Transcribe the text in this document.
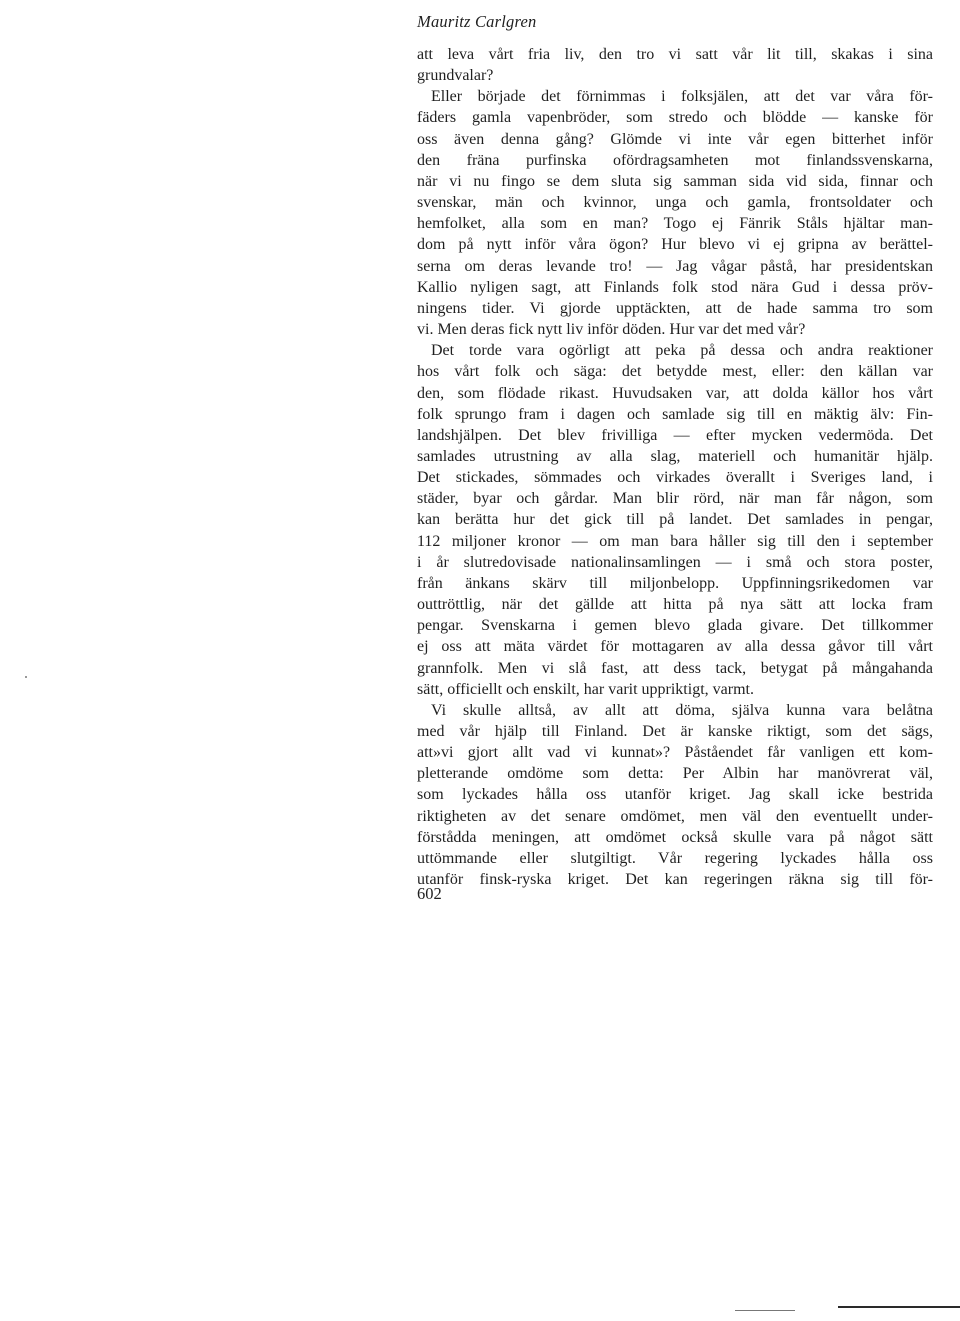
Mauritz Carlgren
att leva vårt fria liv, den tro vi satt vår lit till, skakas i sina
grundvalar?
Eller började det förnimmas i folksjälen, att det var våra för-
fäders gamla vapenbröder, som stredo och blödde — kanske för
oss även denna gång? Glömde vi inte vår egen bitterhet inför
den fräna purfinska ofördragsamheten mot finlandssvenskarna,
när vi nu fingo se dem sluta sig samman sida vid sida, finnar och
svenskar, män och kvinnor, unga och gamla, frontsoldater och
hemfolket, alla som en man? Togo ej Fänrik Ståls hjältar man-
dom på nytt inför våra ögon? Hur blevo vi ej gripna av berättel-
serna om deras levande tro! — Jag vågar påstå, har presidentskan
Kallio nyligen sagt, att Finlands folk stod nära Gud i dessa pröv-
ningens tider. Vi gjorde upptäckten, att de hade samma tro som
vi. Men deras fick nytt liv inför döden. Hur var det med vår?
Det torde vara ogörligt att peka på dessa och andra reaktioner
hos vårt folk och säga: det betydde mest, eller: den källan var
den, som flödade rikast. Huvudsaken var, att dolda källor hos vårt
folk sprungo fram i dagen och samlade sig till en mäktig älv: Fin-
landshjälpen. Det blev frivilliga — efter mycken vedermöda. Det
samlades utrustning av alla slag, materiell och humanitär hjälp.
Det stickades, sömmades och virkades överallt i Sveriges land, i
städer, byar och gårdar. Man blir rörd, när man får någon, som
kan berätta hur det gick till på landet. Det samlades in pengar,
112 miljoner kronor — om man bara håller sig till den i september
i år slutredovisade nationalinsamlingen — i små och stora poster,
från änkans skärv till miljonbelopp. Uppfinningsrikedomen var
outtröttlig, när det gällde att hitta på nya sätt att locka fram
pengar. Svenskarna i gemen blevo glada givare. Det tillkommer
ej oss att mäta värdet för mottagaren av alla dessa gåvor till vårt
grannfolk. Men vi slå fast, att dess tack, betygat på mångahanda
sätt, officiellt och enskilt, har varit uppriktigt, varmt.
Vi skulle alltså, av allt att döma, själva kunna vara belåtna
med vår hjälp till Finland. Det är kanske riktigt, som det sägs,
att»vi gjort allt vad vi kunnat»? Påståendet får vanligen ett kom-
pletterande omdöme som detta: Per Albin har manövrerat väl,
som lyckades hålla oss utanför kriget. Jag skall icke bestrida
riktigheten av det senare omdömet, men väl den eventuellt under-
förstådda meningen, att omdömet också skulle vara på något sätt
uttömmande eller slutgiltigt. Vår regering lyckades hålla oss
utanför finsk-ryska kriget. Det kan regeringen räkna sig till för-
602
